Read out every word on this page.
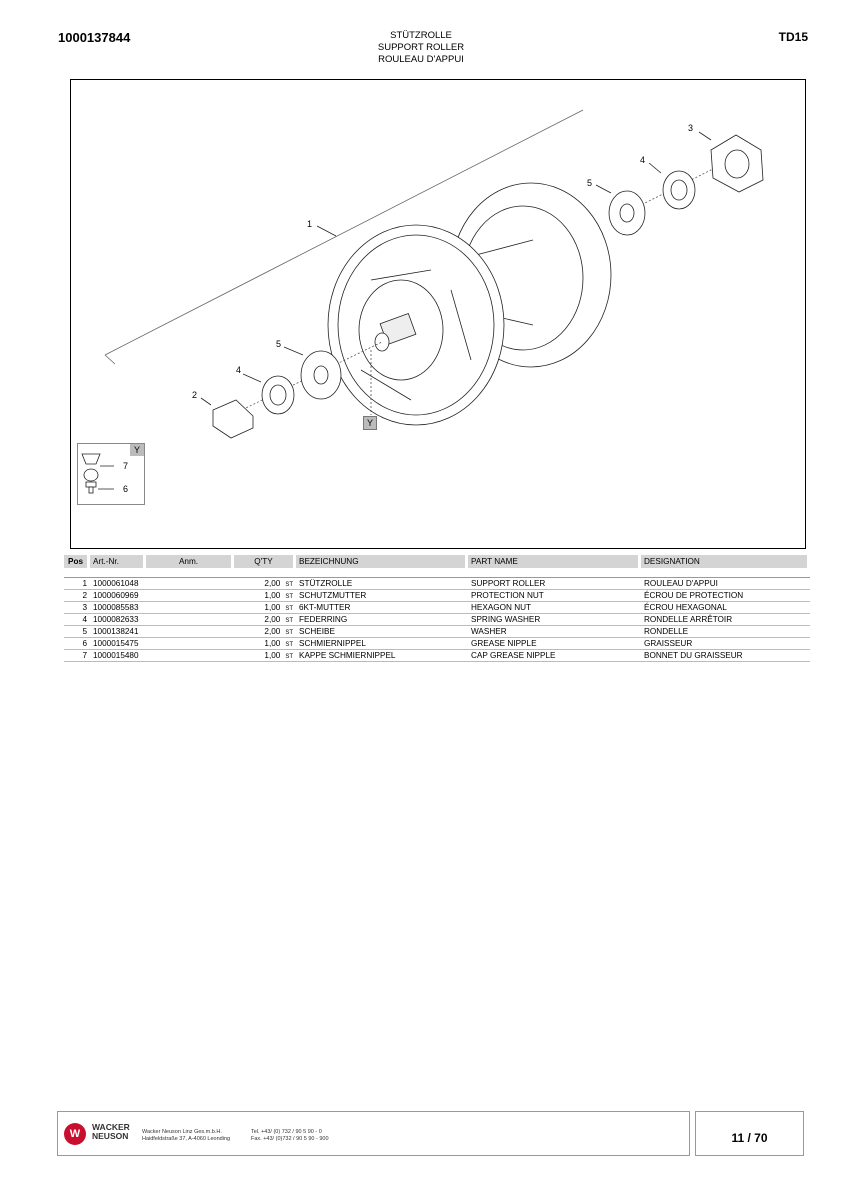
1000137844	STÜTZROLLE
SUPPORT ROLLER
ROULEAU D'APPUI
TD15
1
2
3
4
5
4
5
Y
Y
7
6
Pos	Art.-Nr.	Anm.	Q'TY	BEZEICHNUNG	PART NAME	DESIGNATION

1	1000061048		2,00 ST	STÜTZROLLE	SUPPORT ROLLER	ROULEAU D'APPUI
2	1000060969		1,00 ST	SCHUTZMUTTER	PROTECTION NUT	ÉCROU DE PROTECTION
3	1000085583		1,00 ST	6KT-MUTTER	HEXAGON NUT	ÉCROU HEXAGONAL
4	1000082633		2,00 ST	FEDERRING	SPRING WASHER	RONDELLE ARRÊTOIR
5	1000138241		2,00 ST	SCHEIBE	WASHER	RONDELLE
6	1000015475		1,00 ST	SCHMIERNIPPEL	GREASE NIPPLE	GRAISSEUR
7	1000015480		1,00 ST	KAPPE SCHMIERNIPPEL	CAP GREASE NIPPLE	BONNET DU GRAISSEUR
W
WACKER
NEUSON Wacker Neuson Linz Ges.m.b.H.
Haidfeldstraße 37, A-4060 Leonding
Tel. +43/ (0) 732 / 90 5 90 - 0
Fax. +43/ (0)732 / 90 5 90 - 900	11 / 70
